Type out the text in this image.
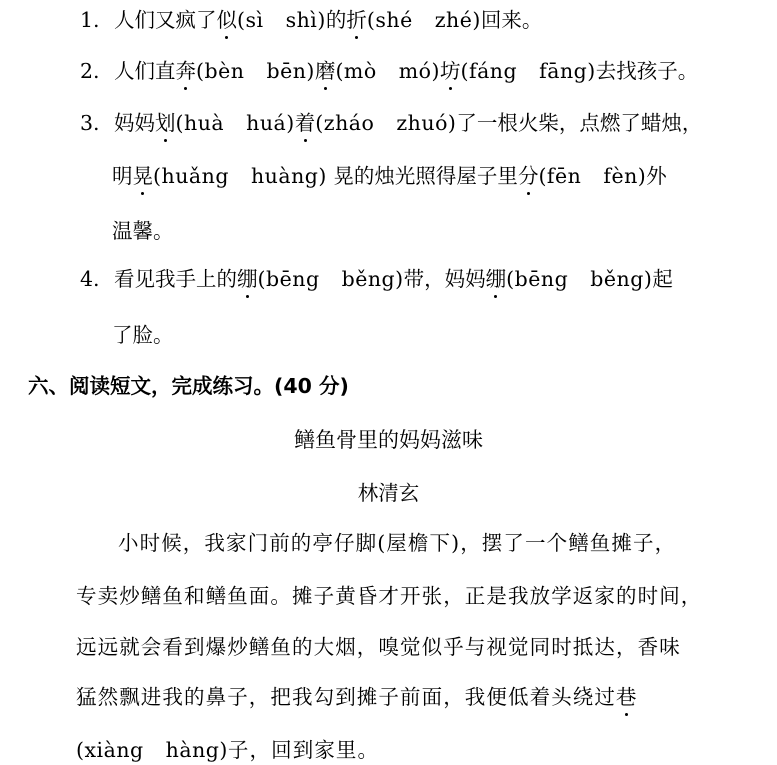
1. 人们又疯了似(sì shì)的折(shé zhé)回来。
2. 人们直奔(bèn bēn)磨(mò mó)坊(fáng fāng)去找孩子。
3. 妈妈划(huà huá)着(zháo zhuó)了一根火柴，点燃了蜡烛，
明晃(huǎng huàng) 晃的烛光照得屋子里分(fēn fèn)外
温馨。
4. 看见我手上的绷(bēng běng)带，妈妈绷(bēng běng)起
了脸。
六、阅读短文，完成练习。(40 分)
鳝鱼骨里的妈妈滋味
林清玄
小时候，我家门前的亭仔脚(屋檐下)，摆了一个鳝鱼摊子，
专卖炒鳝鱼和鳝鱼面。摊子黄昏才开张，正是我放学返家的时间，
远远就会看到爆炒鳝鱼的大烟，嗅觉似乎与视觉同时抵达，香味
猛然飘进我的鼻子，把我勾到摊子前面，我便低着头绕过巷
(xiàng hàng)子，回到家里。
